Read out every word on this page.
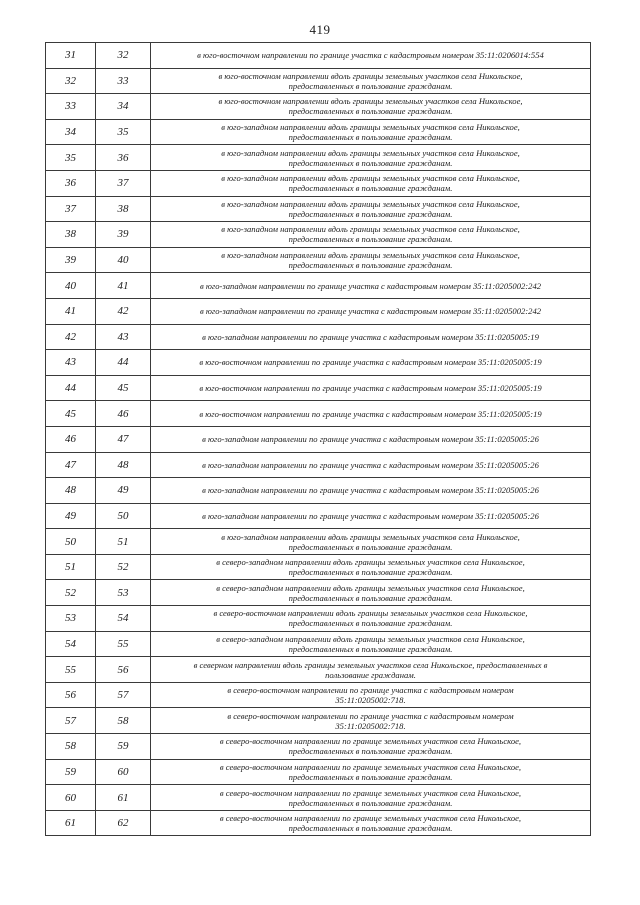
419
31	32	в юго-восточном направлении по границе участка с кадастровым номером 35:11:0206014:554
32	33	в юго-восточном направлении вдоль границы земельных участков села Никольское,
предоставленных в пользование гражданам.
33	34	в юго-восточном направлении вдоль границы земельных участков села Никольское,
предоставленных в пользование гражданам.
34	35	в юго-западном направлении вдоль границы земельных участков села Никольское,
предоставленных в пользование гражданам.
35	36	в юго-западном направлении вдоль границы земельных участков села Никольское,
предоставленных в пользование гражданам.
36	37	в юго-западном направлении вдоль границы земельных участков села Никольское,
предоставленных в пользование гражданам.
37	38	в юго-западном направлении вдоль границы земельных участков села Никольское,
предоставленных в пользование гражданам.
38	39	в юго-западном направлении вдоль границы земельных участков села Никольское,
предоставленных в пользование гражданам.
39	40	в юго-западном направлении вдоль границы земельных участков села Никольское,
предоставленных в пользование гражданам.
40	41	в юго-западном направлении по границе участка с кадастровым номером 35:11:0205002:242
41	42	в юго-западном направлении по границе участка с кадастровым номером 35:11:0205002:242
42	43	в юго-западном направлении по границе участка с кадастровым номером 35:11:0205005:19
43	44	в юго-восточном направлении по границе участка с кадастровым номером 35:11:0205005:19
44	45	в юго-восточном направлении по границе участка с кадастровым номером 35:11:0205005:19
45	46	в юго-восточном направлении по границе участка с кадастровым номером 35:11:0205005:19
46	47	в юго-западном направлении по границе участка с кадастровым номером 35:11:0205005:26
47	48	в юго-западном направлении по границе участка с кадастровым номером 35:11:0205005:26
48	49	в юго-западном направлении по границе участка с кадастровым номером 35:11:0205005:26
49	50	в юго-западном направлении по границе участка с кадастровым номером 35:11:0205005:26
50	51	в юго-западном направлении вдоль границы земельных участков села Никольское,
предоставленных в пользование гражданам.
51	52	в северо-западном направлении вдоль границы земельных участков села Никольское,
предоставленных в пользование гражданам.
52	53	в северо-западном направлении вдоль границы земельных участков села Никольское,
предоставленных в пользование гражданам.
53	54	в северо-восточном направлении вдоль границы земельных участков села Никольское,
предоставленных в пользование гражданам.
54	55	в северо-западном направлении вдоль границы земельных участков села Никольское,
предоставленных в пользование гражданам.
55	56	в северном направлении вдоль границы земельных участков села Никольское, предоставленных в
пользование гражданам.
56	57	в северо-восточном направлении по границе участка с кадастровым номером
35:11:0205002:718.
57	58	в северо-восточном направлении по границе участка с кадастровым номером
35:11:0205002:718.
58	59	в северо-восточном направлении по границе земельных участков села Никольское,
предоставленных в пользование гражданам.
59	60	в северо-восточном направлении по границе земельных участков села Никольское,
предоставленных в пользование гражданам.
60	61	в северо-восточном направлении по границе земельных участков села Никольское,
предоставленных в пользование гражданам.
61	62	в северо-восточном направлении по границе земельных участков села Никольское,
предоставленных в пользование гражданам.
